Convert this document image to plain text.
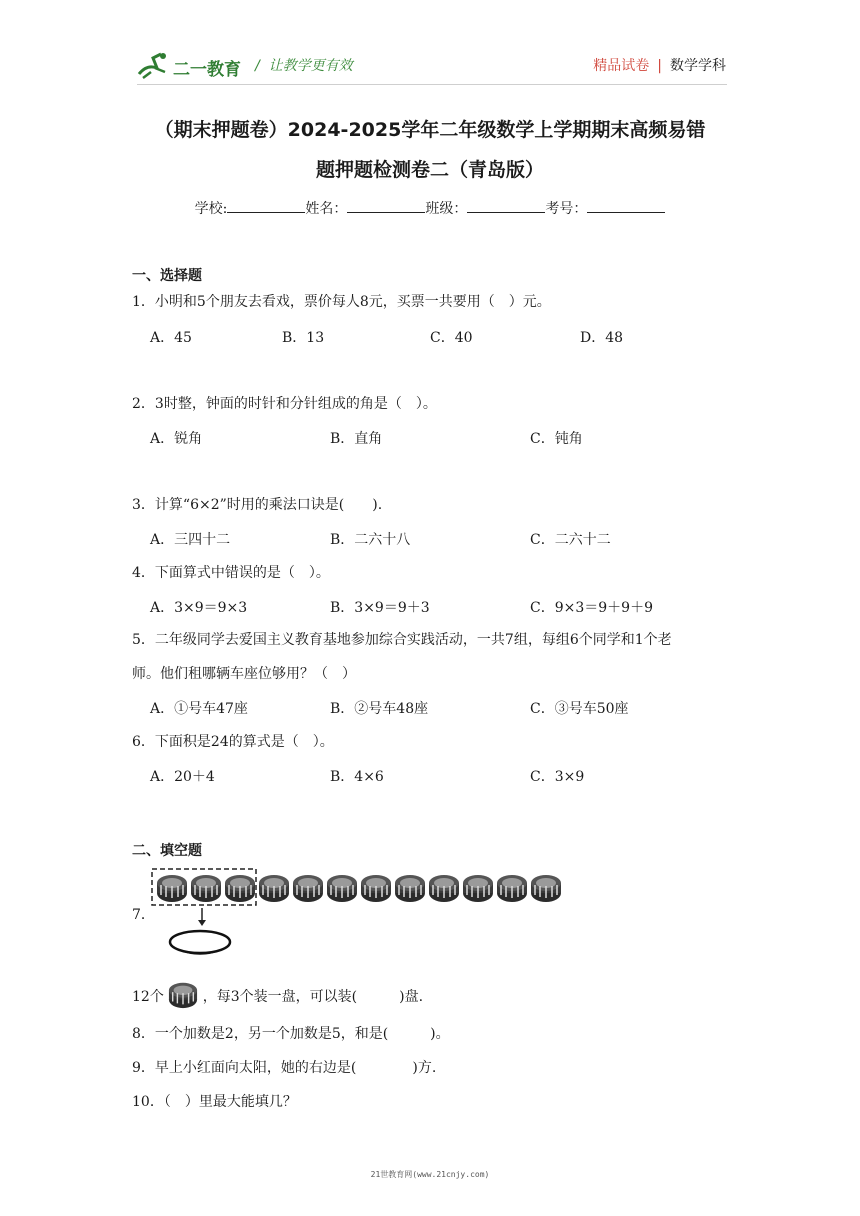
二一教育 /  让教学更有效	精品试卷 | 数学学科
（期末押题卷）2024-2025学年二年级数学上学期期末高频易错
题押题检测卷二（青岛版）
学校:	姓名：	班级：	考号：
一、选择题
1．小明和5个朋友去看戏，票价每人8元，买票一共要用（　）元。
A．45	B．13	C．40	D．48
2．3时整，钟面的时针和分针组成的角是（　）。
A．锐角	B．直角	C．钝角
3．计算“6×2”时用的乘法口诀是(　　).
A．三四十二	B．二六十八	C．二六十二
4．下面算式中错误的是（　）。
A．3×9＝9×3	B．3×9＝9＋3	C．9×3＝9＋9＋9
5．二年级同学去爱国主义教育基地参加综合实践活动，一共7组，每组6个同学和1个老
师。他们租哪辆车座位够用？（　）
A．①号车47座	B．②号车48座	C．③号车50座
6．下面积是24的算式是（　）。
A．20＋4	B．4×6	C．3×9
二、填空题
7．
12个	，每3个装一盘，可以装(　　　)盘.
8．一个加数是2，另一个加数是5，和是(　　　)。
9．早上小红面向太阳，她的右边是(　　　　)方.
10．（　）里最大能填几？
21世教育网(www.21cnjy.com)
